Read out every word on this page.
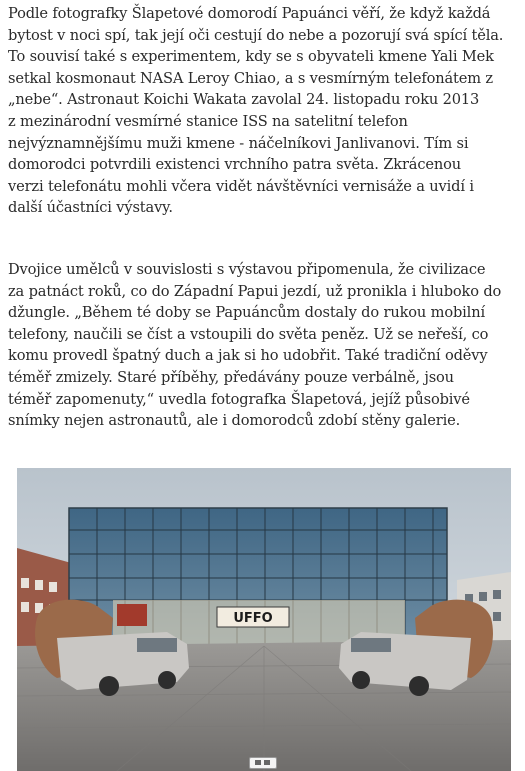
Podle fotografky Šlapetové domorodí Papuánci věří, že když každá
bytost v noci spí, tak její oči cestují do nebe a pozorují svá spící těla.
To souvisí také s experimentem, kdy se s obyvateli kmene Yali Mek
setkal kosmonaut NASA Leroy Chiao, a s vesmírným telefonátem z
„nebe“. Astronaut Koichi Wakata zavolal 24. listopadu roku 2013
z mezinárodní vesmírné stanice ISS na satelitní telefon
nejvýznamnějšímu muži kmene - náčelníkovi Janlivanovi. Tím si
domorodci potvrdili existenci vrchního patra světa. Zkrácenou
verzi telefonátu mohli včera vidět návštěvníci vernisáže a uvidí i
další účastníci výstavy.
Dvojice umělců v souvislosti s výstavou připomenula, že civilizace
za patnáct roků, co do Západní Papui jezdí, už pronikla i hluboko do
džungle. „Během té doby se Papuáncům dostaly do rukou mobilní
telefony, naučili se číst a vstoupili do světa peněz. Už se neřeší, co
komu provedl špatný duch a jak si ho udobřit. Také tradiční oděvy
téměř zmizely. Staré příběhy, předávány pouze verbálně, jsou
téměř zapomenuty,“ uvedla fotografka Šlapetová, jejíž působivé
snímky nejen astronautů, ale i domorodců zdobí stěny galerie.
UFFO
